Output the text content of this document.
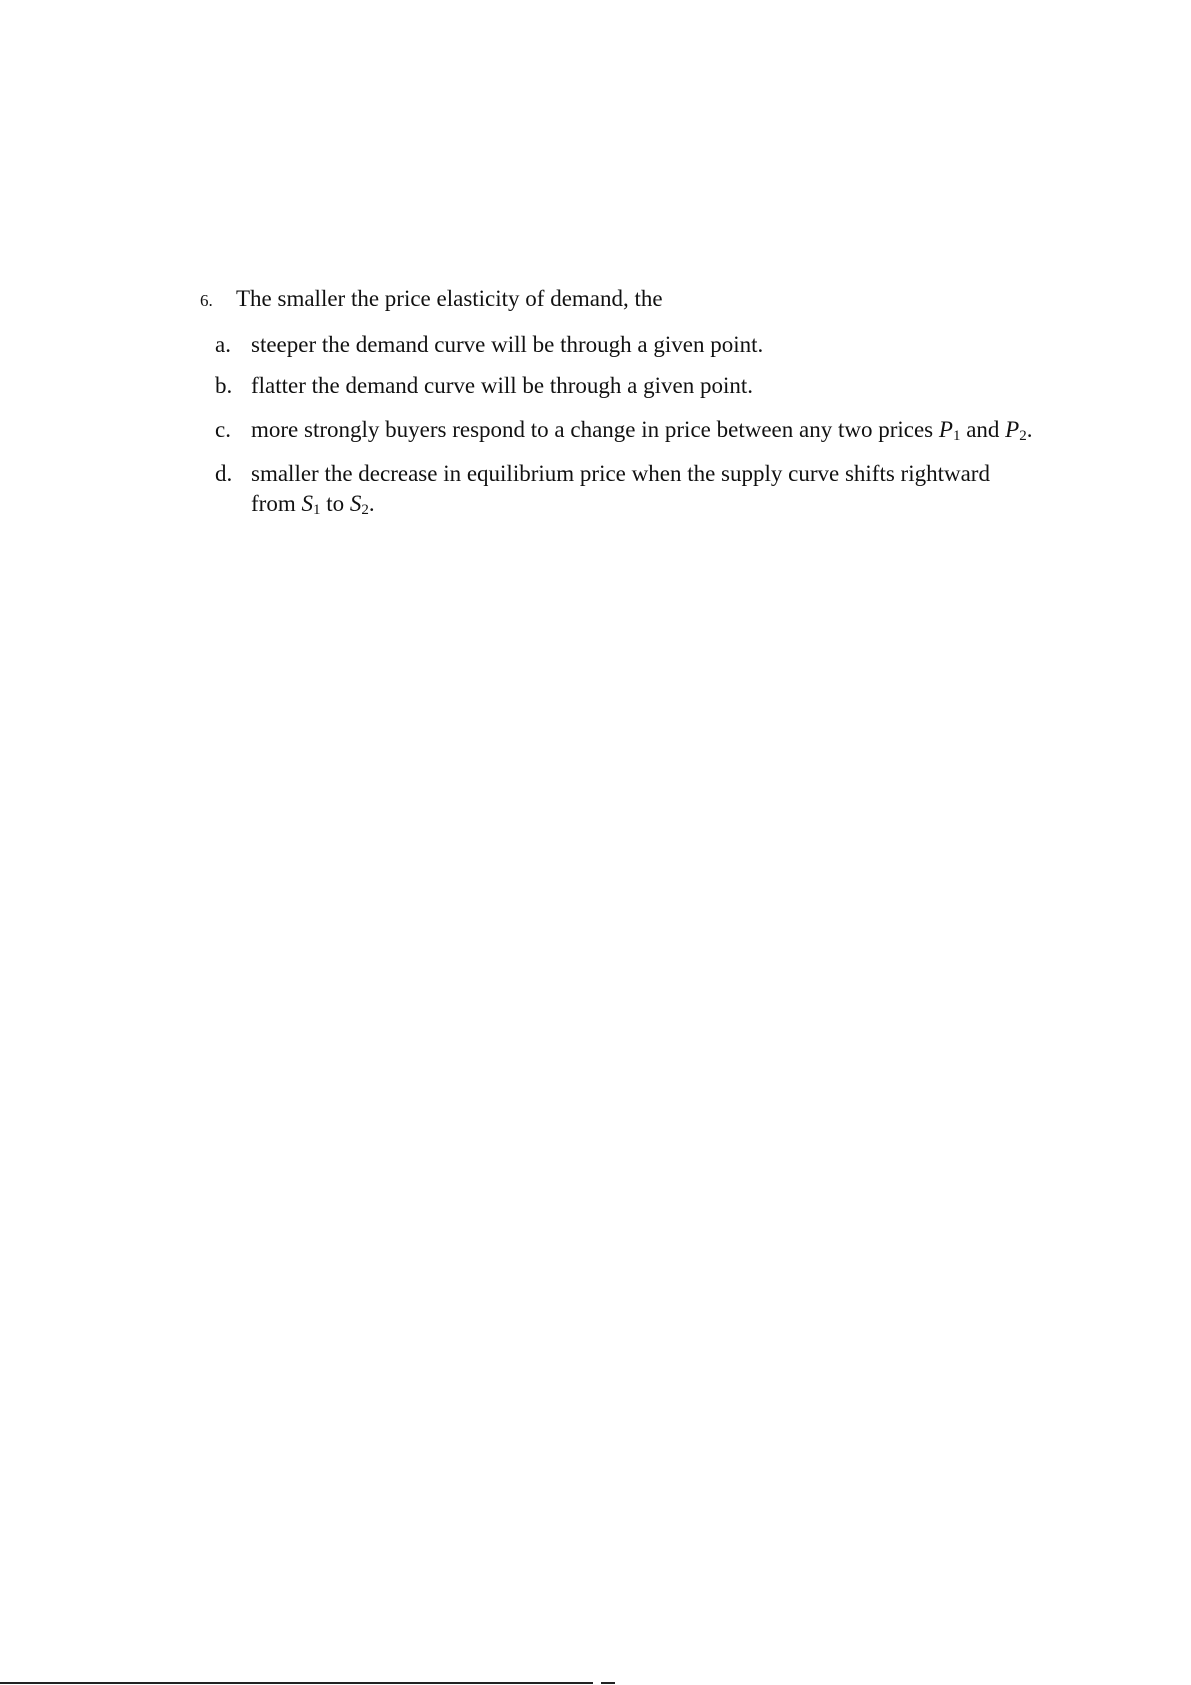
6.	The smaller the price elasticity of demand, the
a. steeper the demand curve will be through a given point.
b. flatter the demand curve will be through a given point.
c. more strongly buyers respond to a change in price between any two prices $P_1$ and $P_2$.
d. smaller the decrease in equilibrium price when the supply curve shifts rightward from $S_1$ to $S_2$.
